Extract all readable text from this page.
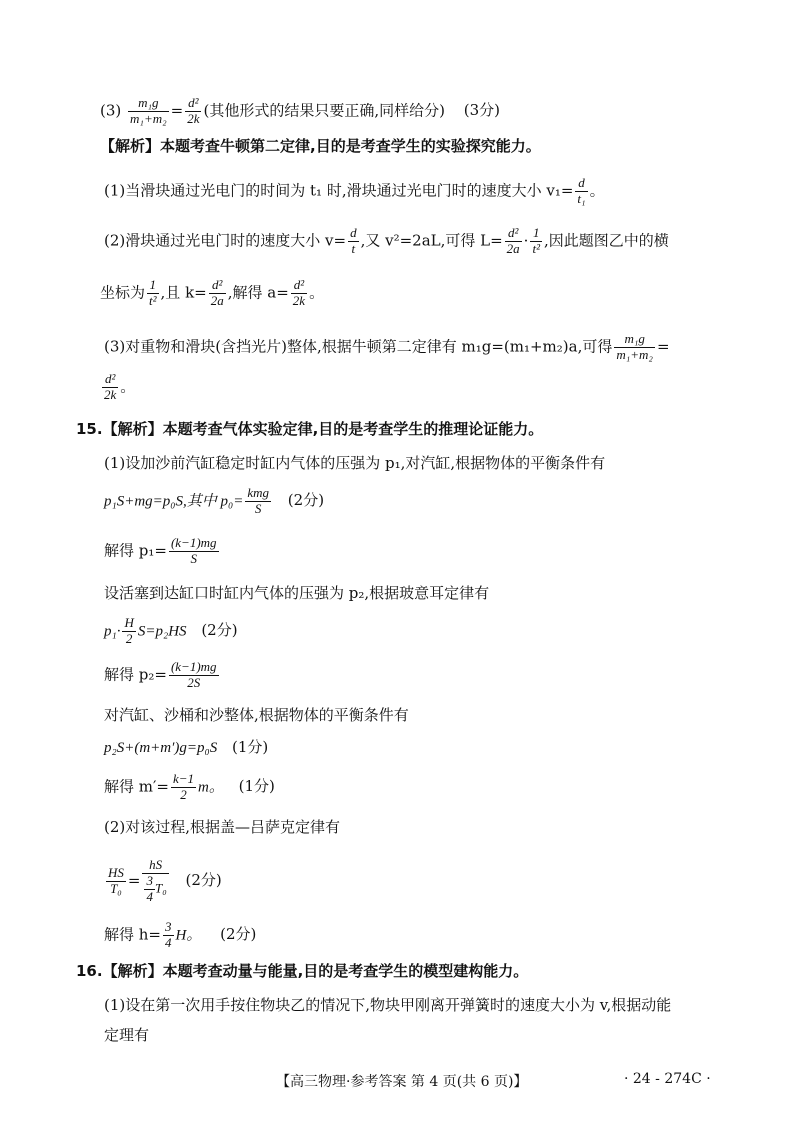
$(3) \frac{\text{m₁g}}{\text{m₁+m₂}} = \frac{\text{d²}}{2k}$ (其他形式的结果只要正确,同样给分) (3分)
【解析】本题考查牛顿第二定律,目的是考查学生的实验探究能力。
(1)当滑块通过光电门的时间为 t₁ 时,滑块通过光电门时的速度大小 $v_1= \frac{d}{\text{t₁}}$ 。
(2)滑块通过光电门时的速度大小 $v= \frac{d}{t}$ ,又 v²=2aL,可得 $L= \frac{\text{d²}}{2a} \cdot \frac{1}{\text{t²}}$ ,因此题图乙中的横
坐标为 $\frac{1}{\text{t²}}$ ,且 $k= \frac{\text{d²}}{2a}$ ,解得 $a= \frac{\text{d²}}{2k}$ 。
(3)对重物和滑块(含挡光片)整体,根据牛顿第二定律有 m₁g=(m₁+m₂)a,可得 $\frac{\text{m₁g}}{\text{m₁+m₂}}$ =
$\frac{\text{d²}}{2k}$ 。
15.【解析】本题考查气体实验定律,目的是考查学生的推理论证能力。
(1)设加沙前汽缸稳定时缸内气体的压强为 p₁,对汽缸,根据物体的平衡条件有
p₁S+mg=p₀S,其中 $p_0= \frac{\text{kmg}}{S} (2$分)
解得 $p_1= \frac{(k-1)mg}{S}$
设活塞到达缸口时缸内气体的压强为 p₂,根据玻意耳定律有
$p_1\cdot \frac{H}{2} S=p_2HS$ (2分)
解得 $p_2= \frac{(k-1)mg}{2S}$
对汽缸、沙桶和沙整体,根据物体的平衡条件有
p₂S+(m+m′)g=p₀S (1分)
解得 $m'= \frac{k-1}{2}$ m。 (1分)
(2)对该过程,根据盖—吕萨克定律有
$\frac{HS}{\text{T₀}} = \frac{hS}{\frac{3}{4} T_0} (2$分)
解得 $h= \frac{3}{4}$ H。 (2分)
16.【解析】本题考查动量与能量,目的是考查学生的模型建构能力。
(1)设在第一次用手按住物块乙的情况下,物块甲刚离开弹簧时的速度大小为 v,根据动能
定理有
【高三物理·参考答案 第 4 页(共 6 页)】	· 24 - 274C ·
